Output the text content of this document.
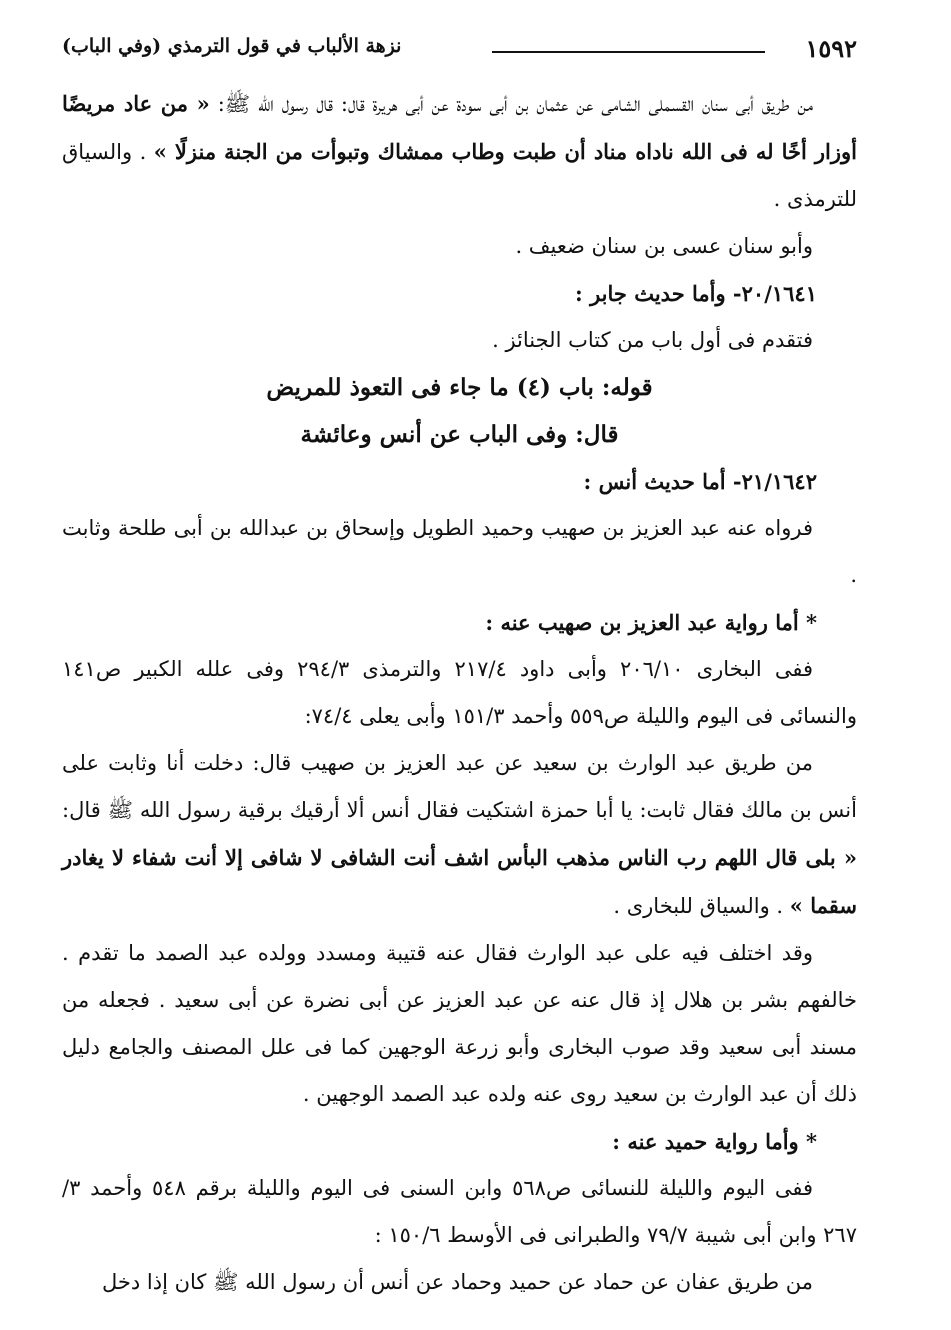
١٥٩٢
نزهة الألباب في قول الترمذي (وفي الباب)

من طريق أبى سنان القسملى الشامى عن عثمان بن أبى سودة عن أبى هريرة قال: قال رسول الله ﷺ: « من عاد مريضًا أوزار أخًا له فى الله ناداه مناد أن طبت وطاب ممشاك وتبوأت من الجنة منزلًا » . والسياق للترمذى .

وأبو سنان عسى بن سنان ضعيف .

٢٠/١٦٤١- وأما حديث جابر :

فتقدم فى أول باب من كتاب الجنائز .

قوله: باب (٤) ما جاء فى التعوذ للمريض

قال: وفى الباب عن أنس وعائشة

٢١/١٦٤٢- أما حديث أنس :

فرواه عنه عبد العزيز بن صهيب وحميد الطويل وإسحاق بن عبدالله بن أبى طلحة وثابت .

* أما رواية عبد العزيز بن صهيب عنه :

ففى البخارى ٢٠٦/١٠ وأبى داود ٢١٧/٤ والترمذى ٢٩٤/٣ وفى علله الكبير ص١٤١ والنسائى فى اليوم والليلة ص٥٥٩ وأحمد ١٥١/٣ وأبى يعلى ٧٤/٤:

من طريق عبد الوارث بن سعيد عن عبد العزيز بن صهيب قال: دخلت أنا وثابت على أنس بن مالك فقال ثابت: يا أبا حمزة اشتكيت فقال أنس ألا أرقيك برقية رسول الله ﷺ قال: « بلى قال اللهم رب الناس مذهب البأس اشف أنت الشافى لا شافى إلا أنت شفاء لا يغادر سقما » . والسياق للبخارى .

وقد اختلف فيه على عبد الوارث فقال عنه قتيبة ومسدد وولده عبد الصمد ما تقدم . خالفهم بشر بن هلال إذ قال عنه عن عبد العزيز عن أبى نضرة عن أبى سعيد . فجعله من مسند أبى سعيد وقد صوب البخارى وأبو زرعة الوجهين كما فى علل المصنف والجامع دليل ذلك أن عبد الوارث بن سعيد روى عنه ولده عبد الصمد الوجهين .

* وأما رواية حميد عنه :

ففى اليوم والليلة للنسائى ص٥٦٨ وابن السنى فى اليوم والليلة برقم ٥٤٨ وأحمد ٣/ ٢٦٧ وابن أبى شيبة ٧٩/٧ والطبرانى فى الأوسط ١٥٠/٦ :

من طريق عفان عن حماد عن حميد وحماد عن أنس أن رسول الله ﷺ كان إذا دخل
